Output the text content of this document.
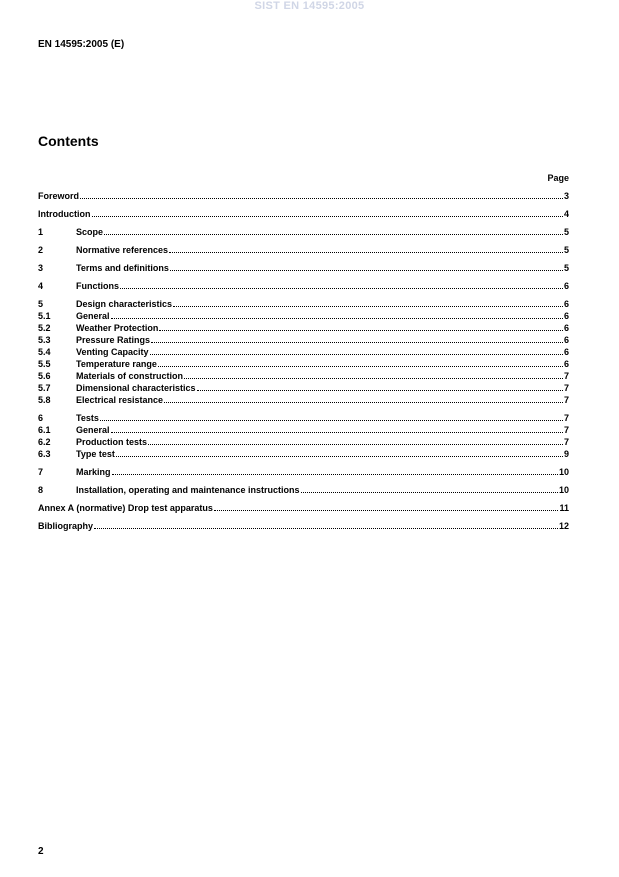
SIST EN 14595:2005
EN 14595:2005 (E)
Contents
Page
Foreword	3
Introduction	4
1	Scope	5
2	Normative references	5
3	Terms and definitions	5
4	Functions	6
5	Design characteristics	6
5.1	General	6
5.2	Weather Protection	6
5.3	Pressure Ratings	6
5.4	Venting Capacity	6
5.5	Temperature range	6
5.6	Materials of construction	7
5.7	Dimensional characteristics	7
5.8	Electrical resistance	7
6	Tests	7
6.1	General	7
6.2	Production tests	7
6.3	Type test	9
7	Marking	10
8	Installation, operating and maintenance instructions	10
Annex A (normative) Drop test apparatus	11
Bibliography	12
2
